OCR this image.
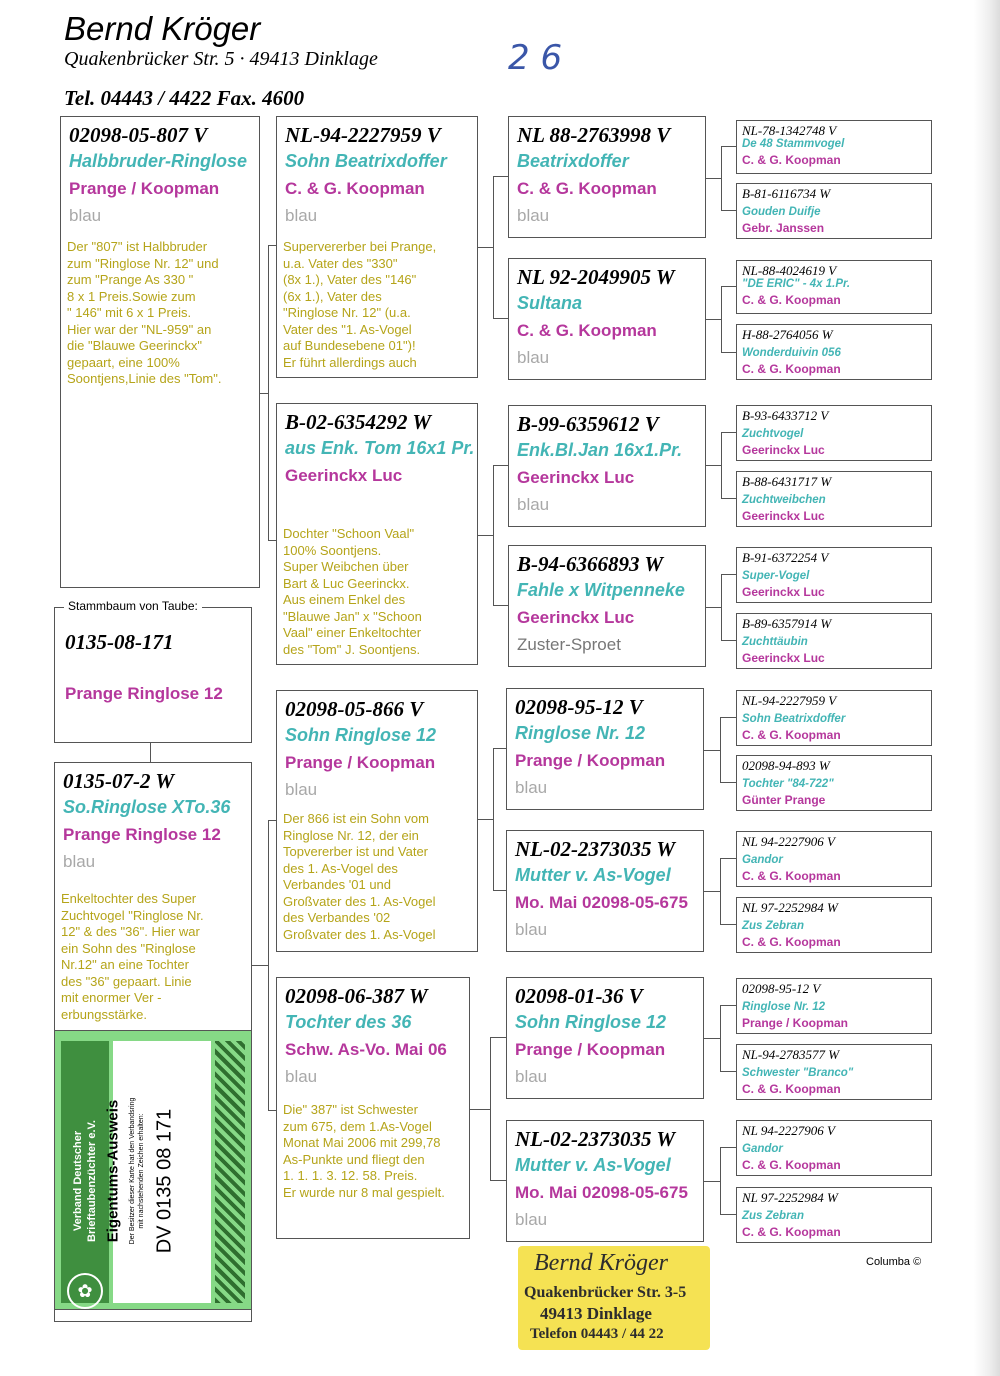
Bernd Kröger
Quakenbrücker Str. 5 · 49413 Dinklage	2 6
Tel. 04443 / 4422 Fax. 4600
02098-05-807 V
Halbbruder-Ringlose
Prange / Koopman
blau
Der "807" ist Halbbruder
zum "Ringlose Nr. 12" und
zum "Prange As 330 "
8 x 1 Preis.Sowie zum
" 146" mit 6 x 1 Preis.
Hier war der "NL-959" an
die "Blauwe Geerinckx"
gepaart, eine 100%
Soontjens,Linie des "Tom".
0135-08-171
Prange Ringlose 12
Stammbaum von Taube:
0135-07-2 W
So.Ringlose XTo.36
Prange Ringlose 12
blau
Enkeltochter des Super
Zuchtvogel "Ringlose Nr.
12" & des "36". Hier war
ein Sohn des "Ringlose
Nr.12" an eine Tochter
des "36" gepaart. Linie
mit enormer Ver -
erbungsstärke.
NL-94-2227959 V
Sohn Beatrixdoffer
C. & G. Koopman
blau
Supervererber bei Prange,
u.a. Vater des "330"
(8x 1.), Vater des "146"
(6x 1.), Vater des
"Ringlose Nr. 12" (u.a.
Vater des "1. As-Vogel
auf Bundesebene 01")!
Er führt allerdings auch
B-02-6354292 W
aus Enk. Tom 16x1 Pr.
Geerinckx Luc
Dochter "Schoon Vaal"
100% Soontjens.
Super Weibchen über
Bart & Luc Geerinckx.
Aus einem Enkel des
"Blauwe Jan" x "Schoon
Vaal" einer Enkeltochter
des "Tom" J. Soontjens.
02098-05-866 V
Sohn Ringlose 12
Prange / Koopman
blau
Der 866 ist ein Sohn vom
Ringlose Nr. 12, der ein
Topvererber ist und Vater
des 1. As-Vogel des
Verbandes '01 und
Großvater des 1. As-Vogel
des Verbandes '02
Großvater des 1. As-Vogel
02098-06-387 W
Tochter des 36
Schw. As-Vo. Mai 06
blau
Die" 387" ist Schwester
zum 675, dem 1.As-Vogel
Monat Mai 2006 mit 299,78
As-Punkte und fliegt den
1. 1. 1. 3. 12. 58. Preis.
Er wurde nur 8 mal gespielt.
NL 88-2763998 V
Beatrixdoffer
C. & G. Koopman
blau
NL 92-2049905 W
Sultana
C. & G. Koopman
blau
B-99-6359612 V
Enk.Bl.Jan 16x1.Pr.
Geerinckx Luc
blau
B-94-6366893 W
Fahle x Witpenneke
Geerinckx Luc
Zuster-Sproet
02098-95-12 V
Ringlose Nr. 12
Prange / Koopman
blau
NL-02-2373035 W
Mutter v. As-Vogel
Mo. Mai 02098-05-675
blau
02098-01-36 V
Sohn Ringlose 12
Prange / Koopman
blau
NL-02-2373035 W
Mutter v. As-Vogel
Mo. Mai 02098-05-675
blau
NL-78-1342748 V
De 48 Stammvogel
C. & G. Koopman
B-81-6116734 W
Gouden Duifje
Gebr. Janssen
NL-88-4024619 V
"DE ERIC" - 4x 1.Pr.
C. & G. Koopman
H-88-2764056 W
Wonderduivin 056
C. & G. Koopman
B-93-6433712 V
Zuchtvogel
Geerinckx Luc
B-88-6431717 W
Zuchtweibchen
Geerinckx Luc
B-91-6372254 V
Super-Vogel
Geerinckx Luc
B-89-6357914 W
Zuchttäubin
Geerinckx Luc
NL-94-2227959 V
Sohn Beatrixdoffer
C. & G. Koopman
02098-94-893 W
Tochter "84-722"
Günter Prange
NL 94-2227906 V
Gandor
C. & G. Koopman
NL 97-2252984 W
Zus Zebran
C. & G. Koopman
02098-95-12 V
Ringlose Nr. 12
Prange / Koopman
NL-94-2783577 W
Schwester "Branco"
C. & G. Koopman
NL 94-2227906 V
Gandor
C. & G. Koopman
NL 97-2252984 W
Zus Zebran
C. & G. Koopman
Verband Deutscher Brieftaubenzüchter e.V.
✿
Eigentums-Ausweis Der Besitzer dieser Karte hat den Verbandsring mit nachstehenden Zeichen erhalten: DV 0135 08 171
Bernd Kröger
Quakenbrücker Str. 3-5
49413 Dinklage
Telefon 04443 / 44 22
Columba ©
